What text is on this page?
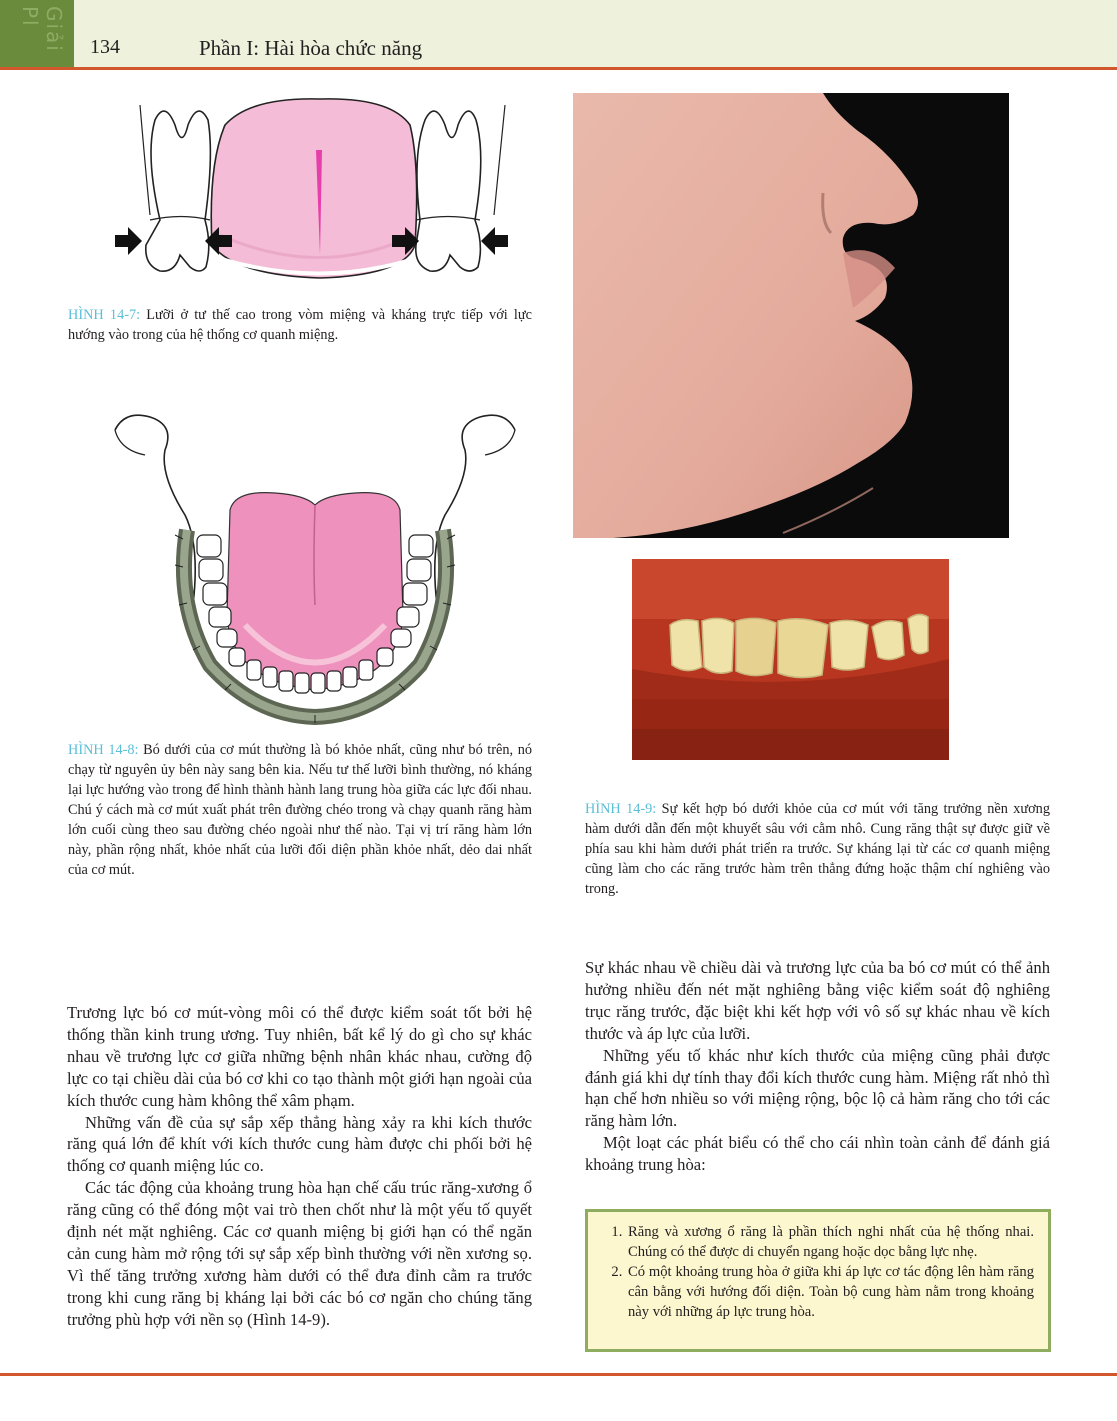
Giải Pl
134	Phần I: Hài hòa chức năng
HÌNH 14-7: Lưỡi ở tư thế cao trong vòm miệng và kháng trực tiếp với lực hướng vào trong của hệ thống cơ quanh miệng.
HÌNH 14-8: Bó dưới của cơ mút thường là bó khỏe nhất, cũng như bó trên, nó chạy từ nguyên ủy bên này sang bên kia. Nếu tư thế lưỡi bình thường, nó kháng lại lực hướng vào trong để hình thành hành lang trung hòa giữa các lực đối nhau. Chú ý cách mà cơ mút xuất phát trên đường chéo trong và chạy quanh răng hàm lớn cuối cùng theo sau đường chéo ngoài như thế nào. Tại vị trí răng hàm lớn này, phần rộng nhất, khỏe nhất của lưỡi đối diện phần khỏe nhất, dẻo dai nhất của cơ mút.
HÌNH 14-9: Sự kết hợp bó dưới khỏe của cơ mút với tăng trưởng nền xương hàm dưới dẫn đến một khuyết sâu với cằm nhô. Cung răng thật sự được giữ về phía sau khi hàm dưới phát triển ra trước. Sự kháng lại từ các cơ quanh miệng cũng làm cho các răng trước hàm trên thẳng đứng hoặc thậm chí nghiêng vào trong.

Trương lực bó cơ mút-vòng môi có thể được kiểm soát tốt bởi hệ thống thần kinh trung ương. Tuy nhiên, bất kể lý do gì cho sự khác nhau về trương lực cơ giữa những bệnh nhân khác nhau, cường độ lực co tại chiều dài của bó cơ khi co tạo thành một giới hạn ngoài của kích thước cung hàm không thể xâm phạm.

Những vấn đề của sự sắp xếp thẳng hàng xảy ra khi kích thước răng quá lớn để khít với kích thước cung hàm được chi phối bởi hệ thống cơ quanh miệng lúc co.

Các tác động của khoảng trung hòa hạn chế cấu trúc răng-xương ổ răng cũng có thể đóng một vai trò then chốt như là một yếu tố quyết định nét mặt nghiêng. Các cơ quanh miệng bị giới hạn có thể ngăn cản cung hàm mở rộng tới sự sắp xếp bình thường với nền xương sọ. Vì thế tăng trưởng xương hàm dưới có thể đưa đỉnh cằm ra trước trong khi cung răng bị kháng lại bởi các bó cơ ngăn cho chúng tăng trưởng phù hợp với nền sọ (Hình 14-9).

Sự khác nhau về chiều dài và trương lực của ba bó cơ mút có thể ảnh hưởng nhiều đến nét mặt nghiêng bằng việc kiểm soát độ nghiêng trục răng trước, đặc biệt khi kết hợp với vô số sự khác nhau về kích thước và áp lực của lưỡi.

Những yếu tố khác như kích thước của miệng cũng phải được đánh giá khi dự tính thay đổi kích thước cung hàm. Miệng rất nhỏ thì hạn chế hơn nhiều so với miệng rộng, bộc lộ cả hàm răng cho tới các răng hàm lớn.

Một loạt các phát biểu có thể cho cái nhìn toàn cảnh để đánh giá khoảng trung hòa:

1. Răng và xương ổ răng là phần thích nghi nhất của hệ thống nhai. Chúng có thể được di chuyển ngang hoặc dọc bằng lực nhẹ.
2. Có một khoảng trung hòa ở giữa khi áp lực cơ tác động lên hàm răng cân bằng với hướng đối diện. Toàn bộ cung hàm nằm trong khoảng này với những áp lực trung hòa.
